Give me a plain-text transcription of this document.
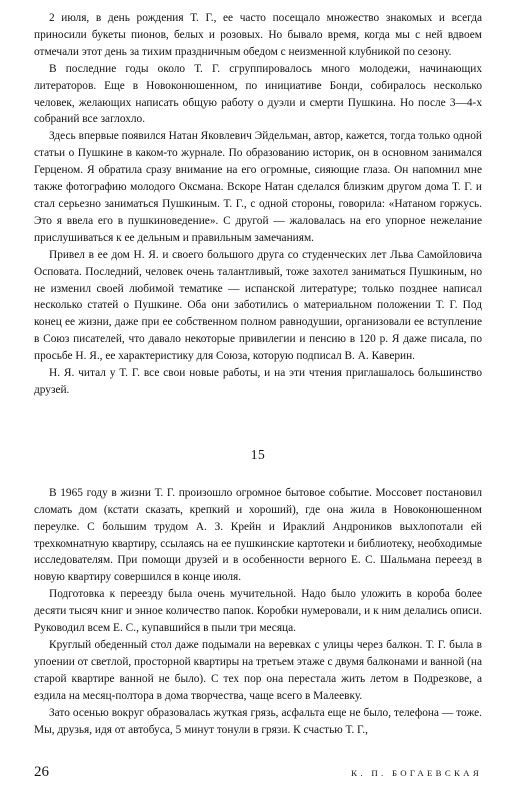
2 июля, в день рождения Т. Г., ее часто посещало множество знакомых и всегда приносили букеты пионов, белых и розовых. Но бывало время, когда мы с ней вдвоем отмечали этот день за тихим праздничным обедом с неизменной клубникой по сезону.

В последние годы около Т. Г. сгруппировалось много молодежи, начинающих литераторов. Еще в Новоконюшенном, по инициативе Бонди, собиралось несколько человек, желающих написать общую работу о дуэли и смерти Пушкина. Но после 3—4-х собраний все заглохло.

Здесь впервые появился Натан Яковлевич Эйдельман, автор, кажется, тогда только одной статьи о Пушкине в каком-то журнале. По образованию историк, он в основном занимался Герценом. Я обратила сразу внимание на его огромные, сияющие глаза. Он напомнил мне также фотографию молодого Оксмана. Вскоре Натан сделался близким другом дома Т. Г. и стал серьезно заниматься Пушкиным. Т. Г., с одной стороны, говорила: «Натаном горжусь. Это я ввела его в пушкиноведение». С другой — жаловалась на его упорное нежелание прислушиваться к ее дельным и правильным замечаниям.

Привел в ее дом Н. Я. и своего большого друга со студенческих лет Льва Самойловича Осповата. Последний, человек очень талантливый, тоже захотел заниматься Пушкиным, но не изменил своей любимой тематике — испанской литературе; только позднее написал несколько статей о Пушкине. Оба они заботились о материальном положении Т. Г. Под конец ее жизни, даже при ее собственном полном равнодушии, организовали ее вступление в Союз писателей, что давало некоторые привилегии и пенсию в 120 р. Я даже писала, по просьбе Н. Я., ее характеристику для Союза, которую подписал В. А. Каверин.

Н. Я. читал у Т. Г. все свои новые работы, и на эти чтения приглашалось большинство друзей.

15

В 1965 году в жизни Т. Г. произошло огромное бытовое событие. Моссовет постановил сломать дом (кстати сказать, крепкий и хороший), где она жила в Новоконюшенном переулке. С большим трудом А. З. Крейн и Ираклий Андроников выхлопотали ей трехкомнатную квартиру, ссылаясь на ее пушкинские картотеки и библиотеку, необходимые исследователям. При помощи друзей и в особенности верного Е. С. Шальмана переезд в новую квартиру совершился в конце июля.

Подготовка к переезду была очень мучительной. Надо было уложить в короба более десяти тысяч книг и энное количество папок. Коробки нумеровали, и к ним делались описи. Руководил всем Е. С., купавшийся в пыли три месяца.

Круглый обеденный стол даже подымали на веревках с улицы через балкон. Т. Г. была в упоении от светлой, просторной квартиры на третьем этаже с двумя балконами и ванной (на старой квартире ванной не было). С тех пор она перестала жить летом в Подрезкове, а ездила на месяц-полтора в дома творчества, чаще всего в Малеевку.

Зато осенью вокруг образовалась жуткая грязь, асфальта еще не было, телефона — тоже. Мы, друзья, идя от автобуса, 5 минут тонули в грязи. К счастью Т. Г.,

26	К. П. БОГАЕВСКАЯ
